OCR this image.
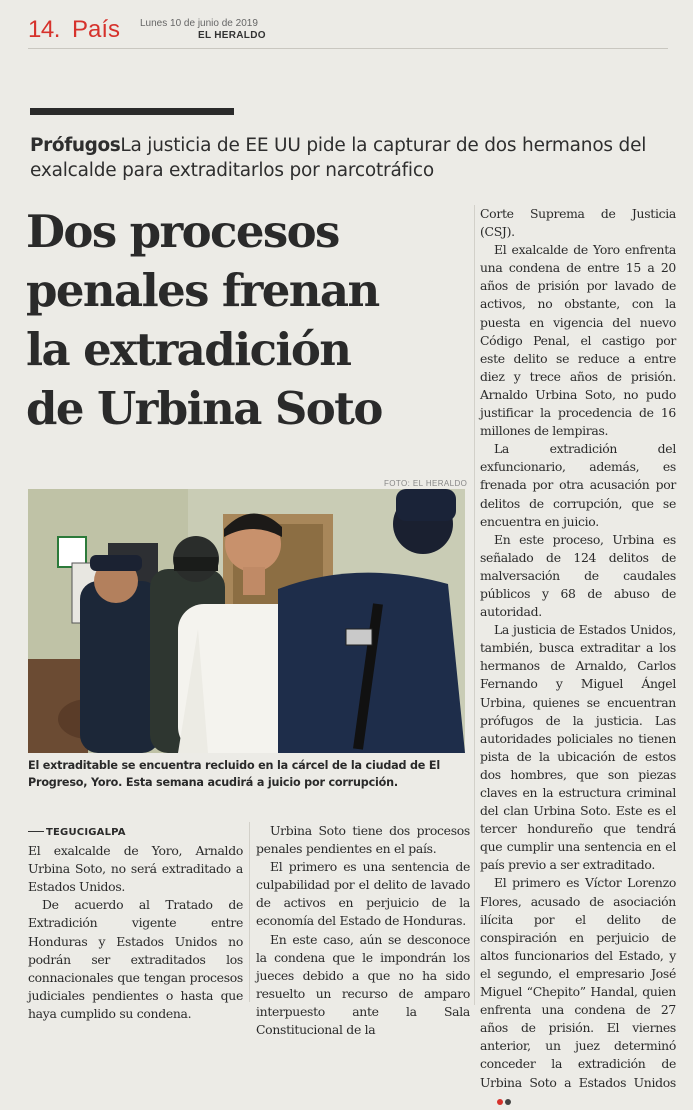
14. País Lunes 10 de junio de 2019
EL HERALDO
PrófugosLa justicia de EE UU pide la capturar de dos hermanos del exalcalde para extraditarlos por narcotráfico
Dos procesos
penales frenan
la extradición
de Urbina Soto
FOTO: EL HERALDO
El extraditable se encuentra recluido en la cárcel de la ciudad de El Progreso, Yoro. Esta semana acudirá a juicio por corrupción.

TEGUCIGALPA

El exalcalde de Yoro, Arnaldo Urbina Soto, no será extraditado a Estados Unidos.

De acuerdo al Tratado de Extradición vigente entre Honduras y Estados Unidos no podrán ser extraditados los connacionales que tengan procesos judiciales pendientes o hasta que haya cumplido su condena.

Urbina Soto tiene dos procesos penales pendientes en el país.

El primero es una sentencia de culpabilidad por el delito de lavado de activos en perjuicio de la economía del Estado de Honduras.

En este caso, aún se desconoce la condena que le impondrán los jueces debido a que no ha sido resuelto un recurso de amparo interpuesto ante la Sala Constitucional de la

Corte Suprema de Justicia (CSJ).

El exalcalde de Yoro enfrenta una condena de entre 15 a 20 años de prisión por lavado de activos, no obstante, con la puesta en vigencia del nuevo Código Penal, el castigo por este delito se reduce a entre diez y trece años de prisión. Arnaldo Urbina Soto, no pudo justificar la procedencia de 16 millones de lempiras.

La extradición del exfuncionario, además, es frenada por otra acusación por delitos de corrupción, que se encuentra en juicio.

En este proceso, Urbina es señalado de 124 delitos de malversación de caudales públicos y 68 de abuso de autoridad.

La justicia de Estados Unidos, también, busca extraditar a los hermanos de Arnaldo, Carlos Fernando y Miguel Ángel Urbina, quienes se encuentran prófugos de la justicia. Las autoridades policiales no tienen pista de la ubicación de estos dos hombres, que son piezas claves en la estructura criminal del clan Urbina Soto. Este es el tercer hondureño que tendrá que cumplir una sentencia en el país previo a ser extraditado.

El primero es Víctor Lorenzo Flores, acusado de asociación ilícita por el delito de conspiración en perjuicio de altos funcionarios del Estado, y el segundo, el empresario José Miguel “Chepito” Handal, quien enfrenta una condena de 27 años de prisión. El viernes anterior, un juez determinó conceder la extradición de Urbina Soto a Estados Unidos
